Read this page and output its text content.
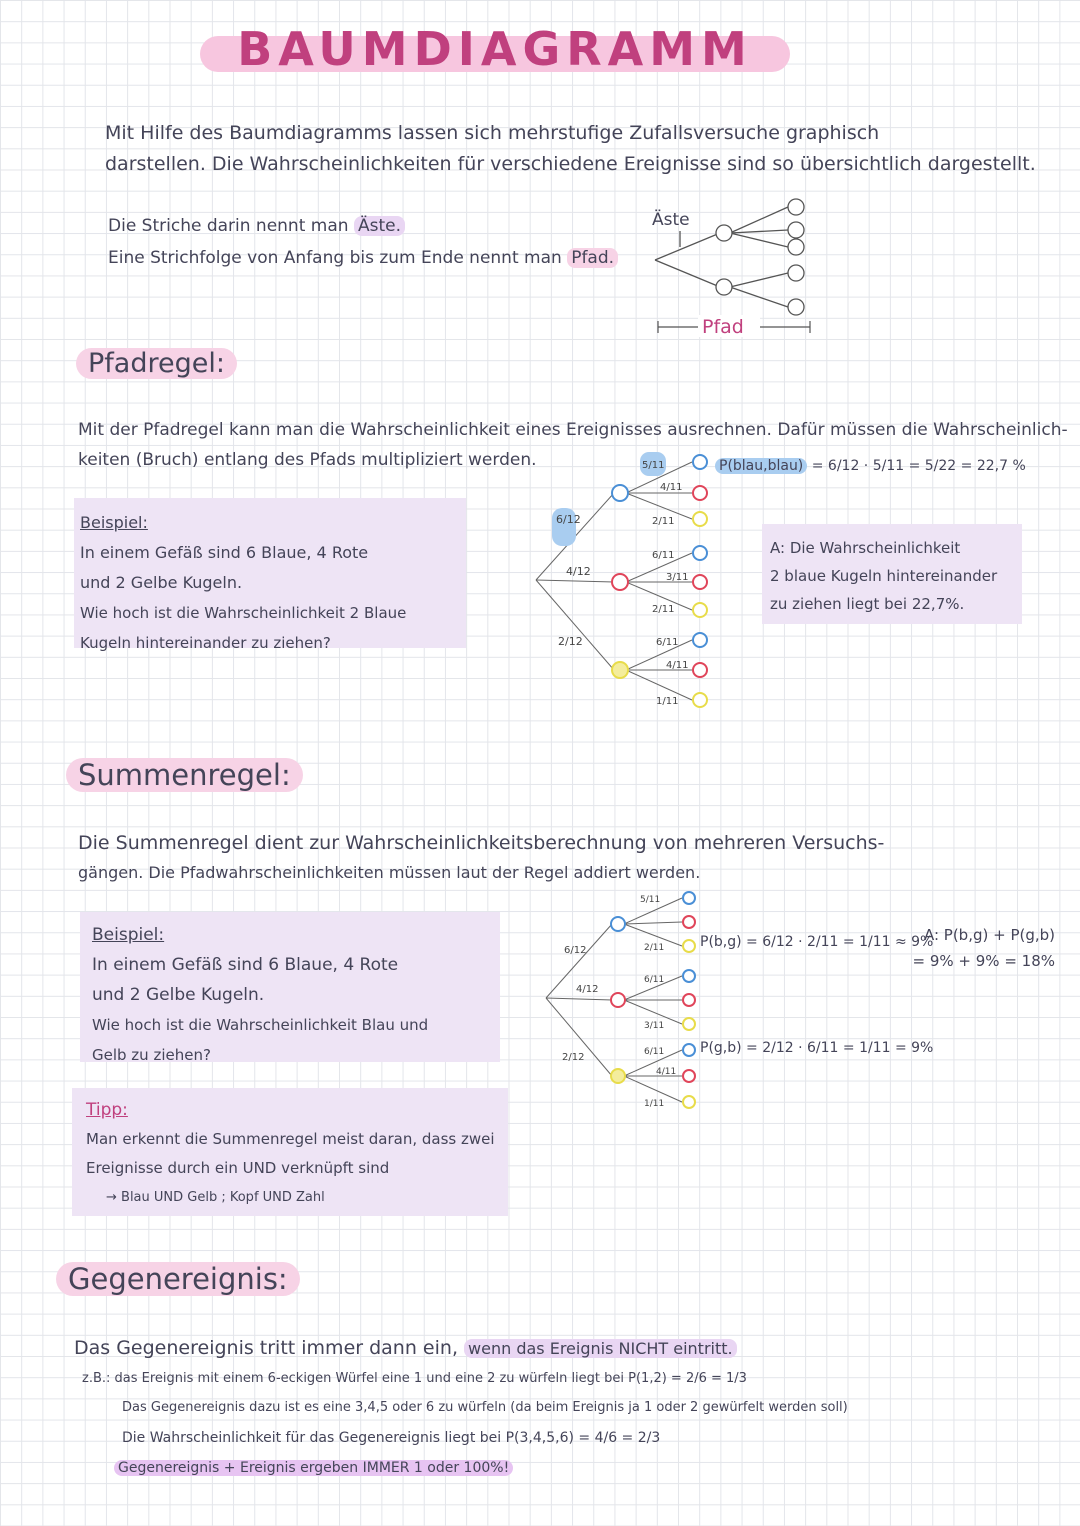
BAUMDIAGRAMM
Mit Hilfe des Baumdiagramms lassen sich mehrstufige Zufallsversuche graphisch
darstellen. Die Wahrscheinlichkeiten für verschiedene Ereignisse sind so übersichtlich dargestellt.
Die Striche darin nennt man Äste.
Eine Strichfolge von Anfang bis zum Ende nennt man Pfad.
Äste
Pfad
Pfadregel:
Mit der Pfadregel kann man die Wahrscheinlichkeit eines Ereignisses ausrechnen. Dafür müssen die Wahrscheinlich-
keiten (Bruch) entlang des Pfads multipliziert werden.
Beispiel:
In einem Gefäß sind 6 Blaue, 4 Rote
und 2 Gelbe Kugeln.
Wie hoch ist die Wahrscheinlichkeit 2 Blaue
Kugeln hintereinander zu ziehen?
A: Die Wahrscheinlichkeit
2 blaue Kugeln hintereinander
zu ziehen liegt bei 22,7%.
P(blau,blau) = 6/12 · 5/11 = 5/22 = 22,7 %
6/12
4/12
2/12
5/11
4/11
2/11
6/11
3/11
2/11
6/11
4/11
1/11
Summenregel:
Die Summenregel dient zur Wahrscheinlichkeitsberechnung von mehreren Versuchs-
gängen. Die Pfadwahrscheinlichkeiten müssen laut der Regel addiert werden.
Beispiel:
In einem Gefäß sind 6 Blaue, 4 Rote
und 2 Gelbe Kugeln.
Wie hoch ist die Wahrscheinlichkeit Blau und
Gelb zu ziehen?
Tipp:
Man erkennt die Summenregel meist daran, dass zwei
Ereignisse durch ein UND verknüpft sind
→ Blau UND Gelb ; Kopf UND Zahl
6/12
4/12
2/12
5/11
2/11
6/11
3/11
6/11
4/11
1/11
P(b,g) = 6/12 · 2/11 = 1/11 ≈ 9%
P(g,b) = 2/12 · 6/11 = 1/11 = 9%
A: P(b,g) + P(g,b)
= 9% + 9% = 18%
Gegenereignis:
Das Gegenereignis tritt immer dann ein, wenn das Ereignis NICHT eintritt.
z.B.: das Ereignis mit einem 6-eckigen Würfel eine 1 und eine 2 zu würfeln liegt bei P(1,2) = 2/6 = 1/3
Das Gegenereignis dazu ist es eine 3,4,5 oder 6 zu würfeln (da beim Ereignis ja 1 oder 2 gewürfelt werden soll)
Die Wahrscheinlichkeit für das Gegenereignis liegt bei P(3,4,5,6) = 4/6 = 2/3
Gegenereignis + Ereignis ergeben IMMER 1 oder 100%!
